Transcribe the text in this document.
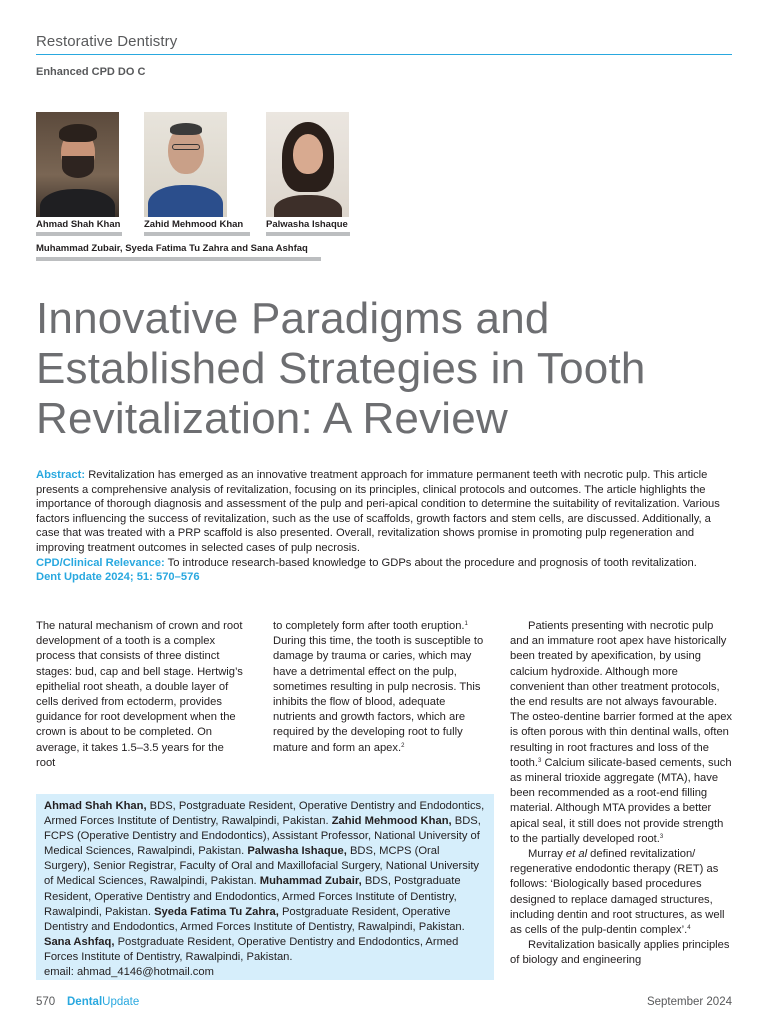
Restorative Dentistry
Enhanced CPD DO C
Ahmad Shah Khan Zahid Mehmood Khan Palwasha Ishaque
Muhammad Zubair, Syeda Fatima Tu Zahra and Sana Ashfaq
Innovative Paradigms and Established Strategies in Tooth Revitalization: A Review
Abstract: Revitalization has emerged as an innovative treatment approach for immature permanent teeth with necrotic pulp. This article presents a comprehensive analysis of revitalization, focusing on its principles, clinical protocols and outcomes. The article highlights the importance of thorough diagnosis and assessment of the pulp and peri-apical condition to determine the suitability of revitalization. Various factors influencing the success of revitalization, such as the use of scaffolds, growth factors and stem cells, are discussed. Additionally, a case that was treated with a PRP scaffold is also presented. Overall, revitalization shows promise in promoting pulp regeneration and improving treatment outcomes in selected cases of pulp necrosis.
CPD/Clinical Relevance: To introduce research-based knowledge to GDPs about the procedure and prognosis of tooth revitalization.
Dent Update 2024; 51: 570–576

The natural mechanism of crown and root development of a tooth is a complex process that consists of three distinct stages: bud, cap and bell stage. Hertwig’s epithelial root sheath, a double layer of cells derived from ectoderm, provides guidance for root development when the crown is about to be completed. On average, it takes 1.5–3.5 years for the root

to completely form after tooth eruption.$^1$
During this time, the tooth is susceptible to damage by trauma or caries, which may have a detrimental effect on the pulp, sometimes resulting in pulp necrosis. This inhibits the flow of blood, adequate nutrients and growth factors, which are required by the developing root to fully mature and form an apex.$^2$

Patients presenting with necrotic pulp and an immature root apex have historically been treated by apexification, by using calcium hydroxide. Although more convenient than other treatment protocols, the end results are not always favourable. The osteo-dentine barrier formed at the apex is often porous with thin dentinal walls, often resulting in root fractures and loss of the tooth.$^3$ Calcium silicate-based cements, such as mineral trioxide aggregate (MTA), have been recommended as a root-end filling material. Although MTA provides a better apical seal, it still does not provide strength to the partially developed root.$^3$

Murray et al defined revitalization/ regenerative endodontic therapy (RET) as follows: ‘Biologically based procedures designed to replace damaged structures, including dentin and root structures, as well as cells of the pulp-dentin complex’.$^4$

Revitalization basically applies principles of biology and engineering

Ahmad Shah Khan, BDS, Postgraduate Resident, Operative Dentistry and Endodontics, Armed Forces Institute of Dentistry, Rawalpindi, Pakistan. Zahid Mehmood Khan, BDS, FCPS (Operative Dentistry and Endodontics), Assistant Professor, National University of Medical Sciences, Rawalpindi, Pakistan. Palwasha Ishaque, BDS, MCPS (Oral Surgery), Senior Registrar, Faculty of Oral and Maxillofacial Surgery, National University of Medical Sciences, Rawalpindi, Pakistan. Muhammad Zubair, BDS, Postgraduate Resident, Operative Dentistry and Endodontics, Armed Forces Institute of Dentistry, Rawalpindi, Pakistan. Syeda Fatima Tu Zahra, Postgraduate Resident, Operative Dentistry and Endodontics, Armed Forces Institute of Dentistry, Rawalpindi, Pakistan. Sana Ashfaq, Postgraduate Resident, Operative Dentistry and Endodontics, Armed Forces Institute of Dentistry, Rawalpindi, Pakistan.
email: ahmad_4146@hotmail.com
570 DentalUpdate	September 2024
